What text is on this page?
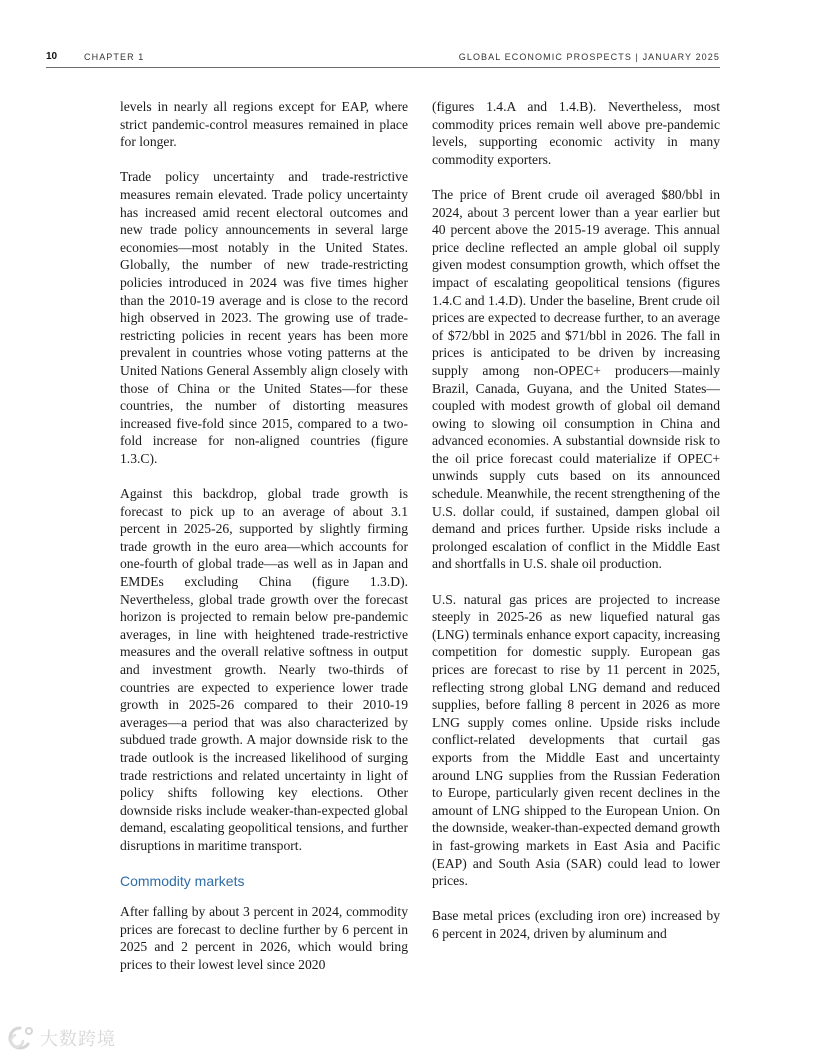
10	CHAPTER 1	GLOBAL ECONOMIC PROSPECTS | JANUARY 2025

levels in nearly all regions except for EAP, where strict pandemic-control measures remained in place for longer.

Trade policy uncertainty and trade-restrictive measures remain elevated. Trade policy uncertainty has increased amid recent electoral outcomes and new trade policy announcements in several large economies—most notably in the United States. Globally, the number of new trade-restricting policies introduced in 2024 was five times higher than the 2010-19 average and is close to the record high observed in 2023. The growing use of trade-restricting policies in recent years has been more prevalent in countries whose voting patterns at the United Nations General Assembly align closely with those of China or the United States—for these countries, the number of distorting measures increased five-fold since 2015, compared to a two-fold increase for non-aligned countries (figure 1.3.C).

Against this backdrop, global trade growth is forecast to pick up to an average of about 3.1 percent in 2025-26, supported by slightly firming trade growth in the euro area—which accounts for one-fourth of global trade—as well as in Japan and EMDEs excluding China (figure 1.3.D). Nevertheless, global trade growth over the forecast horizon is projected to remain below pre-pandemic averages, in line with heightened trade-restrictive measures and the overall relative softness in output and investment growth. Nearly two-thirds of countries are expected to experience lower trade growth in 2025-26 compared to their 2010-19 averages—a period that was also characterized by subdued trade growth. A major downside risk to the trade outlook is the increased likelihood of surging trade restrictions and related uncertainty in light of policy shifts following key elections. Other downside risks include weaker-than-expected global demand, escalating geopolitical tensions, and further disruptions in maritime transport.

Commodity markets

After falling by about 3 percent in 2024, commodity prices are forecast to decline further by 6 percent in 2025 and 2 percent in 2026, which would bring prices to their lowest level since 2020

(figures 1.4.A and 1.4.B). Nevertheless, most commodity prices remain well above pre-pandemic levels, supporting economic activity in many commodity exporters.

The price of Brent crude oil averaged $80/bbl in 2024, about 3 percent lower than a year earlier but 40 percent above the 2015-19 average. This annual price decline reflected an ample global oil supply given modest consumption growth, which offset the impact of escalating geopolitical tensions (figures 1.4.C and 1.4.D). Under the baseline, Brent crude oil prices are expected to decrease further, to an average of $72/bbl in 2025 and $71/bbl in 2026. The fall in prices is anticipated to be driven by increasing supply among non-OPEC+ producers—mainly Brazil, Canada, Guyana, and the United States—coupled with modest growth of global oil demand owing to slowing oil consumption in China and advanced economies. A substantial downside risk to the oil price forecast could materialize if OPEC+ unwinds supply cuts based on its announced schedule. Meanwhile, the recent strengthening of the U.S. dollar could, if sustained, dampen global oil demand and prices further. Upside risks include a prolonged escalation of conflict in the Middle East and shortfalls in U.S. shale oil production.

U.S. natural gas prices are projected to increase steeply in 2025-26 as new liquefied natural gas (LNG) terminals enhance export capacity, increasing competition for domestic supply. European gas prices are forecast to rise by 11 percent in 2025, reflecting strong global LNG demand and reduced supplies, before falling 8 percent in 2026 as more LNG supply comes online. Upside risks include conflict-related developments that curtail gas exports from the Middle East and uncertainty around LNG supplies from the Russian Federation to Europe, particularly given recent declines in the amount of LNG shipped to the European Union. On the downside, weaker-than-expected demand growth in fast-growing markets in East Asia and Pacific (EAP) and South Asia (SAR) could lead to lower prices.

Base metal prices (excluding iron ore) increased by 6 percent in 2024, driven by aluminum and

大数跨境
